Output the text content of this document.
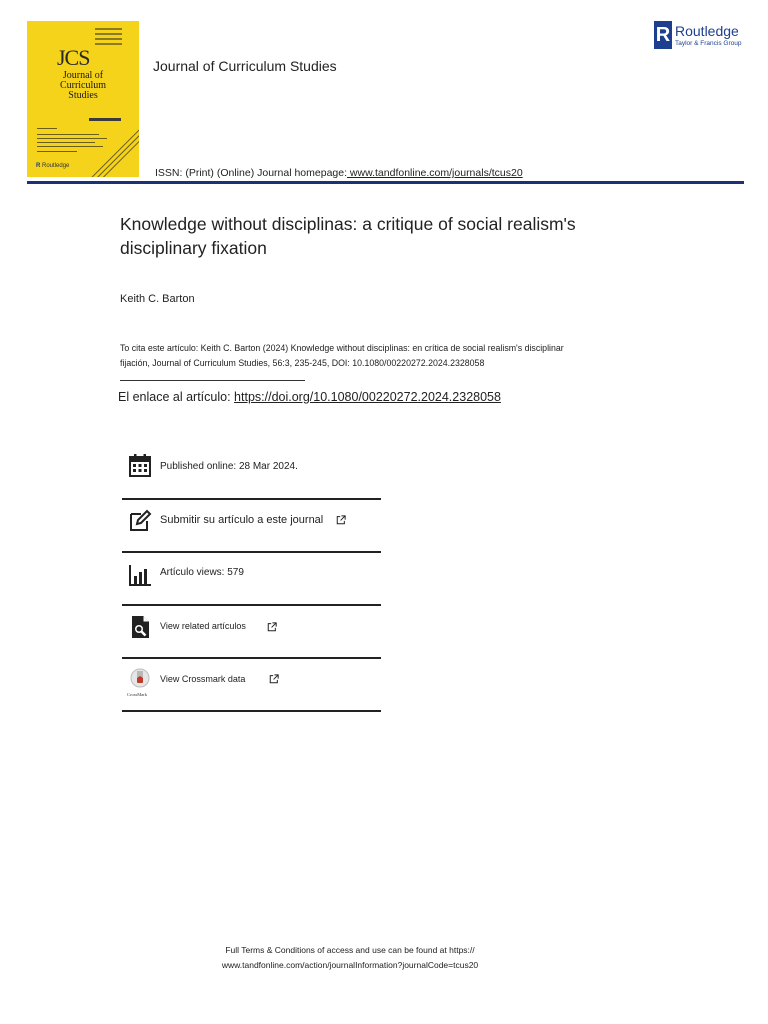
JCS
Journal of
Curriculum
Studies
R Routledge
Journal of Curriculum Studies
R Routledge
Taylor & Francis Group
ISSN: (Print) (Online) Journal homepage: www.tandfonline.com/journals/tcus20
Knowledge without disciplinas: a critique of social realism's
disciplinary fixation
Keith C. Barton
To cita este artículo: Keith C. Barton (2024) Knowledge without disciplinas: en crítica de social realism's disciplinar
fijación, Journal of Curriculum Studies, 56:3, 235-245, DOI: 10.1080/00220272.2024.2328058
El enlace al artículo: https://doi.org/10.1080/00220272.2024.2328058
Published online: 28 Mar 2024.
Submitir su artículo a este journal
Artículo views: 579
View related artículos
CrossMark
View Crossmark data
Full Terms & Conditions of access and use can be found at https://
www.tandfonline.com/action/journalInformation?journalCode=tcus20
